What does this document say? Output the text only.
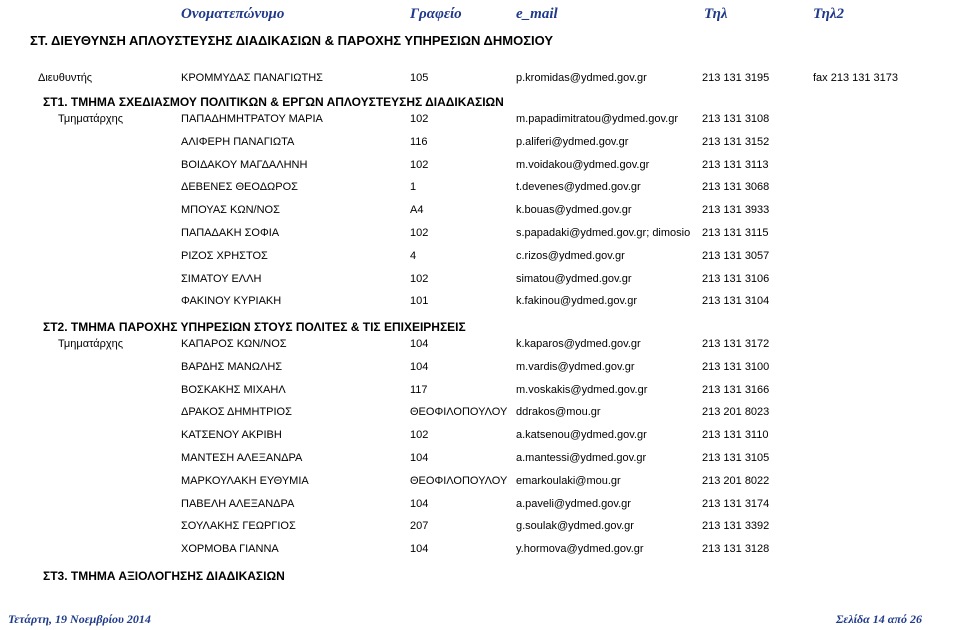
Ονοματεπώνυμο	Γραφείο	e_mail	Τηλ	Τηλ2
ΣΤ. ΔΙΕΥΘΥΝΣΗ ΑΠΛΟΥΣΤΕΥΣΗΣ ΔΙΑΔΙΚΑΣΙΩΝ & ΠΑΡΟΧΗΣ ΥΠΗΡΕΣΙΩΝ ΔΗΜΟΣΙΟΥ
Διευθυντής	ΚΡΟΜΜΥΔΑΣ ΠΑΝΑΓΙΩΤΗΣ	105	p.kromidas@ydmed.gov.gr	213 131 3195	fax 213 131 3173
ΣΤ1. ΤΜΗΜΑ ΣΧΕΔΙΑΣΜΟΥ ΠΟΛΙΤΙΚΩΝ & ΕΡΓΩΝ ΑΠΛΟΥΣΤΕΥΣΗΣ ΔΙΑΔΙΚΑΣΙΩΝ
Τμηματάρχης	ΠΑΠΑΔΗΜΗΤΡΑΤΟΥ ΜΑΡΙΑ	102	m.papadimitratou@ydmed.gov.gr 213 131 3108
ΑΛΙΦΕΡΗ ΠΑΝΑΓΙΩΤΑ	116	p.aliferi@ydmed.gov.gr	213 131 3152
ΒΟΙΔΑΚΟΥ ΜΑΓΔΑΛΗΝΗ	102	m.voidakou@ydmed.gov.gr	213 131 3113
ΔΕΒΕΝΕΣ ΘΕΟΔΩΡΟΣ	1	t.devenes@ydmed.gov.gr	213 131 3068
ΜΠΟΥΑΣ ΚΩΝ/ΝΟΣ	Α4	k.bouas@ydmed.gov.gr	213 131 3933
ΠΑΠΑΔΑΚΗ ΣΟΦΙΑ	102	s.papadaki@ydmed.gov.gr; dimosio 213 131 3115
ΡΙΖΟΣ ΧΡΗΣΤΟΣ	4	c.rizos@ydmed.gov.gr	213 131 3057
ΣΙΜΑΤΟΥ ΕΛΛΗ	102	simatou@ydmed.gov.gr	213 131 3106
ΦΑΚΙΝΟΥ ΚΥΡΙΑΚΗ	101	k.fakinou@ydmed.gov.gr	213 131 3104
ΣΤ2. ΤΜΗΜΑ ΠΑΡΟΧΗΣ ΥΠΗΡΕΣΙΩΝ ΣΤΟΥΣ ΠΟΛΙΤΕΣ & ΤΙΣ ΕΠΙΧΕΙΡΗΣΕΙΣ
Τμηματάρχης	ΚΑΠΑΡΟΣ ΚΩΝ/ΝΟΣ	104	k.kaparos@ydmed.gov.gr	213 131 3172
ΒΑΡΔΗΣ ΜΑΝΩΛΗΣ	104	m.vardis@ydmed.gov.gr	213 131 3100
ΒΟΣΚΑΚΗΣ ΜΙΧΑΗΛ	117	m.voskakis@ydmed.gov.gr	213 131 3166
ΔΡΑΚΟΣ ΔΗΜΗΤΡΙΟΣ	ΘΕΟΦΙΛΟΠΟΥΛΟΥ ddrakos@mou.gr	213 201 8023
ΚΑΤΣΕΝΟΥ ΑΚΡΙΒΗ	102	a.katsenou@ydmed.gov.gr	213 131 3110
ΜΑΝΤΕΣΗ ΑΛΕΞΑΝΔΡΑ	104	a.mantessi@ydmed.gov.gr	213 131 3105
ΜΑΡΚΟΥΛΑΚΗ ΕΥΘΥΜΙΑ	ΘΕΟΦΙΛΟΠΟΥΛΟΥ emarkoulaki@mou.gr	213 201 8022
ΠΑΒΕΛΗ ΑΛΕΞΑΝΔΡΑ	104	a.paveli@ydmed.gov.gr	213 131 3174
ΣΟΥΛΑΚΗΣ ΓΕΩΡΓΙΟΣ	207	g.soulak@ydmed.gov.gr	213 131 3392
ΧΟΡΜΟΒΑ ΓΙΑΝΝΑ	104	y.hormova@ydmed.gov.gr	213 131 3128
ΣΤ3. ΤΜΗΜΑ ΑΞΙΟΛΟΓΗΣΗΣ ΔΙΑΔΙΚΑΣΙΩΝ
Τετάρτη, 19 Νοεμβρίου 2014	Σελίδα 14 από 26
